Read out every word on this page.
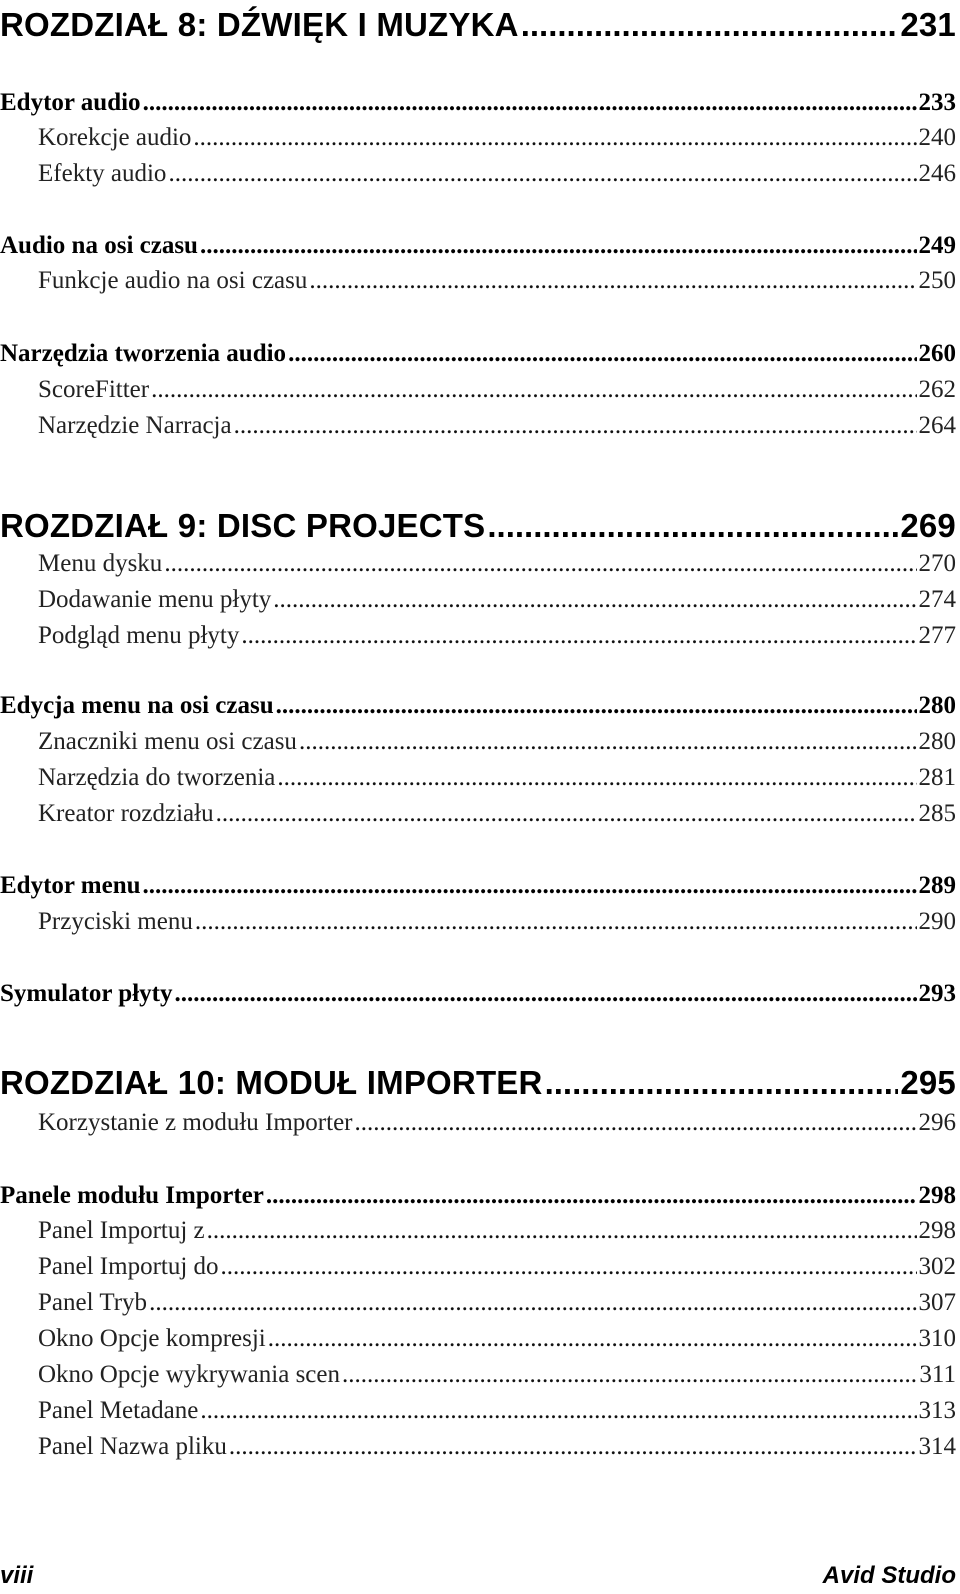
ROZDZIAŁ 8: DŹWIĘK I MUZYKA .....	231
Edytor audio .....	233
Korekcje audio .....	240
Efekty audio .....	246
Audio na osi czasu .....	249
Funkcje audio na osi czasu .....	250
Narzędzia tworzenia audio .....	260
ScoreFitter .....	262
Narzędzie Narracja .....	264
ROZDZIAŁ 9: DISC PROJECTS .....	269
Menu dysku .....	270
Dodawanie menu płyty .....	274
Podgląd menu płyty .....	277
Edycja menu na osi czasu .....	280
Znaczniki menu osi czasu .....	280
Narzędzia do tworzenia .....	281
Kreator rozdziału .....	285
Edytor menu .....	289
Przyciski menu .....	290
Symulator płyty .....	293
ROZDZIAŁ 10: MODUŁ IMPORTER .....	295
Korzystanie z modułu Importer .....	296
Panele modułu Importer .....	298
Panel Importuj z .....	298
Panel Importuj do .....	302
Panel Tryb .....	307
Okno Opcje kompresji .....	310
Okno Opcje wykrywania scen .....	311
Panel Metadane .....	313
Panel Nazwa pliku .....	314
viii	Avid Studio
